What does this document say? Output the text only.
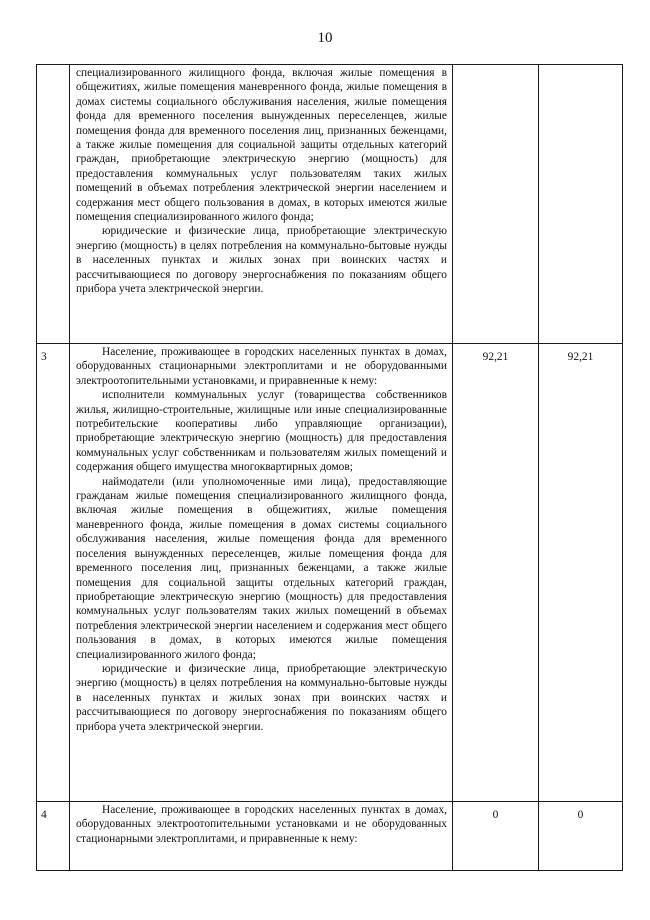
10

	специализированного жилищного фонда, включая жилые помещения в общежитиях, жилые помещения маневренного фонда, жилые помещения в домах системы социального обслуживания населения, жилые помещения фонда для временного поселения вынужденных переселенцев, жилые помещения фонда для временного поселения лиц, признанных беженцами, а также жилые помещения для социальной защиты отдельных категорий граждан, приобретающие электрическую энергию (мощность) для предоставления коммунальных услуг пользователям таких жилых помещений в объемах потребления электрической энергии населением и содержания мест общего пользования в домах, в которых имеются жилые помещения специализированного жилого фонда;

юридические и физические лица, приобретающие электрическую энергию (мощность) в целях потребления на коммунально-бытовые нужды в населенных пунктах и жилых зонах при воинских частях и рассчитывающиеся по договору энергоснабжения по показаниям общего прибора учета электрической энергии.		

3	Население, проживающее в городских населенных пунктах в домах, оборудованных стационарными электроплитами и не оборудованными электроотопительными установками, и приравненные к нему:

исполнители коммунальных услуг (товарищества собственников жилья, жилищно-строительные, жилищные или иные специализированные потребительские кооперативы либо управляющие организации), приобретающие электрическую энергию (мощность) для предоставления коммунальных услуг собственникам и пользователям жилых помещений и содержания общего имущества многоквартирных домов;

наймодатели (или уполномоченные ими лица), предоставляющие гражданам жилые помещения специализированного жилищного фонда, включая жилые помещения в общежитиях, жилые помещения маневренного фонда, жилые помещения в домах системы социального обслуживания населения, жилые помещения фонда для временного поселения вынужденных переселенцев, жилые помещения фонда для временного поселения лиц, признанных беженцами, а также жилые помещения для социальной защиты отдельных категорий граждан, приобретающие электрическую энергию (мощность) для предоставления коммунальных услуг пользователям таких жилых помещений в объемах потребления электрической энергии населением и содержания мест общего пользования в домах, в которых имеются жилые помещения специализированного жилого фонда;

юридические и физические лица, приобретающие электрическую энергию (мощность) в целях потребления на коммунально-бытовые нужды в населенных пунктах и жилых зонах при воинских частях и рассчитывающиеся по договору энергоснабжения по показаниям общего прибора учета электрической энергии.	92,21	92,21
4	Население, проживающее в городских населенных пунктах в домах, оборудованных электроотопительными установками и не оборудованных стационарными электроплитами, и приравненные к нему:	0	0
